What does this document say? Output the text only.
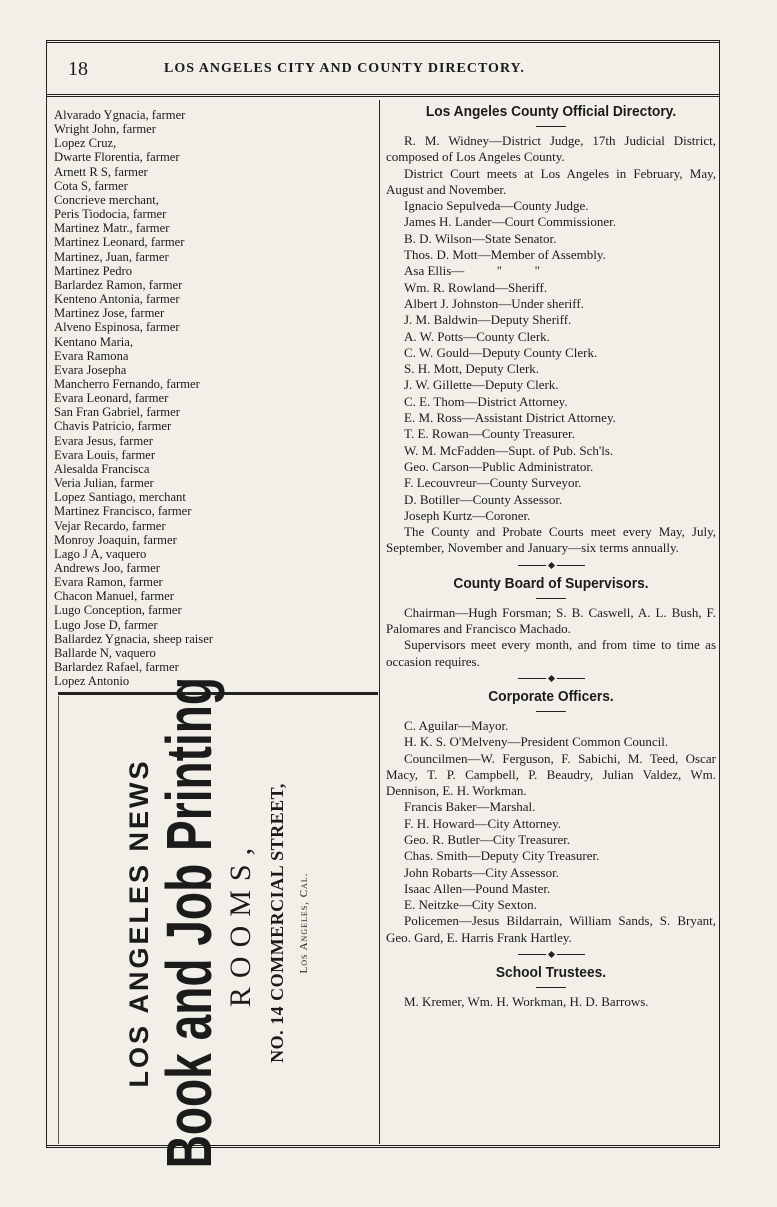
18	LOS ANGELES CITY AND COUNTY DIRECTORY.
Alvarado Ygnacia, farmer
Wright John, farmer
Lopez Cruz,
Dwarte Florentia, farmer
Arnett R S, farmer
Cota S, farmer
Concrieve merchant,
Peris Tiodocia, farmer
Martinez Matr., farmer
Martinez Leonard, farmer
Martinez, Juan, farmer
Martinez Pedro
Barlardez Ramon, farmer
Kenteno Antonia, farmer
Martinez Jose, farmer
Alveno Espinosa, farmer
Kentano Maria,
Evara Ramona
Evara Josepha
Mancherro Fernando, farmer
Evara Leonard, farmer
San Fran Gabriel, farmer
Chavis Patricio, farmer
Evara Jesus, farmer
Evara Louis, farmer
Alesalda Francisca
Veria Julian, farmer
Lopez Santiago, merchant
Martinez Francisco, farmer
Vejar Recardo, farmer
Monroy Joaquin, farmer
Lago J A, vaquero
Andrews Joo, farmer
Evara Ramon, farmer
Chacon Manuel, farmer
Lugo Conception, farmer
Lugo Jose D, farmer
Ballardez Ygnacia, sheep raiser
Ballarde N, vaquero
Barlardez Rafael, farmer
Lopez Antonio
LOS ANGELES NEWS Book and Job Printing ROOMS, NO. 14 COMMERCIAL STREET, Los Angeles, Cal.
Los Angeles County Official Directory.

R. M. Widney—District Judge, 17th Judicial District, composed of Los Angeles County.

District Court meets at Los Angeles in February, May, August and November.

Ignacio Sepulveda—County Judge.

James H. Lander—Court Commissioner.

B. D. Wilson—State Senator.

Thos. D. Mott—Member of Assembly.

Asa Ellis—          "          "

Wm. R. Rowland—Sheriff.

Albert J. Johnston—Under sheriff.

J. M. Baldwin—Deputy Sheriff.

A. W. Potts—County Clerk.

C. W. Gould—Deputy County Clerk.

S. H. Mott, Deputy Clerk.

J. W. Gillette—Deputy Clerk.

C. E. Thom—District Attorney.

E. M. Ross—Assistant District Attorney.

T. E. Rowan—County Treasurer.

W. M. McFadden—Supt. of Pub. Sch'ls.

Geo. Carson—Public Administrator.

F. Lecouvreur—County Surveyor.

D. Botiller—County Assessor.

Joseph Kurtz—Coroner.

The County and Probate Courts meet every May, July, September, November and January—six terms annually.

County Board of Supervisors.

Chairman—Hugh Forsman; S. B. Caswell, A. L. Bush, F. Palomares and Francisco Machado.

Supervisors meet every month, and from time to time as occasion requires.

Corporate Officers.

C. Aguilar—Mayor.

H. K. S. O'Melveny—President Common Council.

Councilmen—W. Ferguson, F. Sabichi, M. Teed, Oscar Macy, T. P. Campbell, P. Beaudry, Julian Valdez, Wm. Dennison, E. H. Workman.

Francis Baker—Marshal.

F. H. Howard—City Attorney.

Geo. R. Butler—City Treasurer.

Chas. Smith—Deputy City Treasurer.

John Robarts—City Assessor.

Isaac Allen—Pound Master.

E. Neitzke—City Sexton.

Policemen—Jesus Bildarrain, William Sands, S. Bryant, Geo. Gard, E. Harris Frank Hartley.

School Trustees.

M. Kremer, Wm. H. Workman, H. D. Barrows.
